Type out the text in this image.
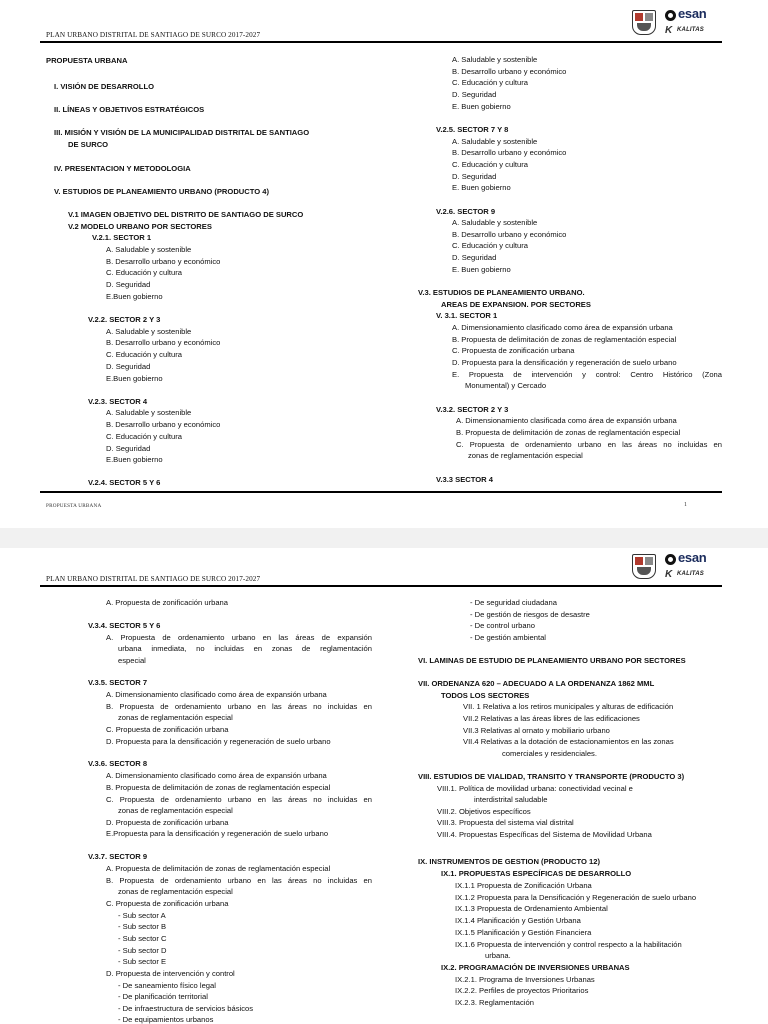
PLAN URBANO DISTRITAL DE SANTIAGO DE SURCO 2017-2027
esan
K KALITAS
PROPUESTA URBANA
I. VISIÓN DE DESARROLLO
II. LÍNEAS Y OBJETIVOS ESTRATÉGICOS
III. MISIÓN Y VISIÓN DE LA MUNICIPALIDAD DISTRITAL DE SANTIAGO
DE SURCO
IV. PRESENTACION Y METODOLOGIA
V. ESTUDIOS DE PLANEAMIENTO URBANO (PRODUCTO 4)
V.1 IMAGEN OBJETIVO DEL DISTRITO DE SANTIAGO DE SURCO
V.2 MODELO URBANO POR SECTORES
V.2.1. SECTOR 1
A. Saludable y sostenible
B. Desarrollo urbano y económico
C. Educación y cultura
D. Seguridad
E.Buen gobierno
V.2.2. SECTOR 2 Y 3
A. Saludable y sostenible
B. Desarrollo urbano y económico
C. Educación y cultura
D. Seguridad
E.Buen gobierno
V.2.3. SECTOR 4
A. Saludable y sostenible
B. Desarrollo urbano y económico
C. Educación y cultura
D. Seguridad
E.Buen gobierno
V.2.4. SECTOR 5 Y 6
A. Saludable y sostenible
B. Desarrollo urbano y económico
C. Educación y cultura
D. Seguridad
E. Buen gobierno
V.2.5. SECTOR 7 Y 8
A. Saludable y sostenible
B. Desarrollo urbano y económico
C. Educación y cultura
D. Seguridad
E. Buen gobierno
V.2.6. SECTOR 9
A. Saludable y sostenible
B. Desarrollo urbano y económico
C. Educación y cultura
D. Seguridad
E. Buen gobierno
V.3. ESTUDIOS DE PLANEAMIENTO URBANO.
AREAS DE EXPANSION. POR SECTORES
V. 3.1. SECTOR 1
A. Dimensionamiento clasificado como área de expansión urbana
B. Propuesta de delimitación de zonas de reglamentación especial
C. Propuesta de zonificación urbana
D. Propuesta para la densificación y regeneración de suelo urbano
E. Propuesta de intervención y control: Centro Histórico (Zona
Monumental) y Cercado
V.3.2. SECTOR 2 Y 3
A. Dimensionamiento clasificada como área de expansión urbana
B. Propuesta de delimitación de zonas de reglamentación especial
C. Propuesta de ordenamiento urbano en las áreas no incluidas en
zonas de reglamentación especial
V.3.3 SECTOR 4
PROPUESTA URBANA	1
PLAN URBANO DISTRITAL DE SANTIAGO DE SURCO 2017-2027
esan
K KALITAS
A. Propuesta de zonificación urbana
V.3.4. SECTOR 5 Y 6
A. Propuesta de ordenamiento urbano en las áreas de expansión
urbana inmediata, no incluidas en zonas de reglamentación
especial
V.3.5. SECTOR 7
A. Dimensionamiento clasificado como área de expansión urbana
B. Propuesta de ordenamiento urbano en las áreas no incluidas en
zonas de reglamentación especial
C. Propuesta de zonificación urbana
D. Propuesta para la densificación y regeneración de suelo urbano
V.3.6. SECTOR 8
A. Dimensionamiento clasificado como área de expansión urbana
B. Propuesta de delimitación de zonas de reglamentación especial
C. Propuesta de ordenamiento urbano en las áreas no incluidas en
zonas de reglamentación especial
D. Propuesta de zonificación urbana
E.Propuesta para la densificación y regeneración de suelo urbano
V.3.7. SECTOR 9
A. Propuesta de delimitación de zonas de reglamentación especial
B. Propuesta de ordenamiento urbano en las áreas no incluidas en
zonas de reglamentación especial
C. Propuesta de zonificación urbana
- Sub sector A
- Sub sector B
- Sub sector C
- Sub sector D
- Sub sector E
D. Propuesta de intervención y control
- De saneamiento físico legal
- De planificación territorial
- De infraestructura de servicios básicos
- De equipamientos urbanos
- De seguridad ciudadana
- De gestión de riesgos de desastre
- De control urbano
- De gestión ambiental
VI. LAMINAS DE ESTUDIO DE PLANEAMIENTO URBANO POR SECTORES
VII. ORDENANZA 620 – ADECUADO A LA ORDENANZA 1862 MML
TODOS LOS SECTORES
VII. 1 Relativa a los retiros municipales y alturas de edificación
VII.2 Relativas a las áreas libres de las edificaciones
VII.3 Relativas al ornato y mobiliario urbano
VII.4 Relativas a la dotación de estacionamientos en las zonas
comerciales y residenciales.
VIII. ESTUDIOS DE VIALIDAD, TRANSITO Y TRANSPORTE (PRODUCTO 3)
VIII.1. Política de movilidad urbana: conectividad vecinal e
interdistrital saludable
VIII.2. Objetivos específicos
VIII.3. Propuesta del sistema vial distrital
VIII.4. Propuestas Específicas del Sistema de Movilidad Urbana
IX. INSTRUMENTOS DE GESTION (PRODUCTO 12)
IX.1. PROPUESTAS ESPECÍFICAS DE DESARROLLO
IX.1.1 Propuesta de Zonificación Urbana
IX.1.2 Propuesta para la Densificación y Regeneración de suelo urbano
IX.1.3 Propuesta de Ordenamiento Ambiental
IX.1.4 Planificación y Gestión Urbana
IX.1.5 Planificación y Gestión Financiera
IX.1.6 Propuesta de intervención y control respecto a la habilitación
urbana.
IX.2. PROGRAMACIÓN DE INVERSIONES URBANAS
IX.2.1. Programa de Inversiones Urbanas
IX.2.2. Perfiles de proyectos Prioritarios
IX.2.3. Reglamentación
